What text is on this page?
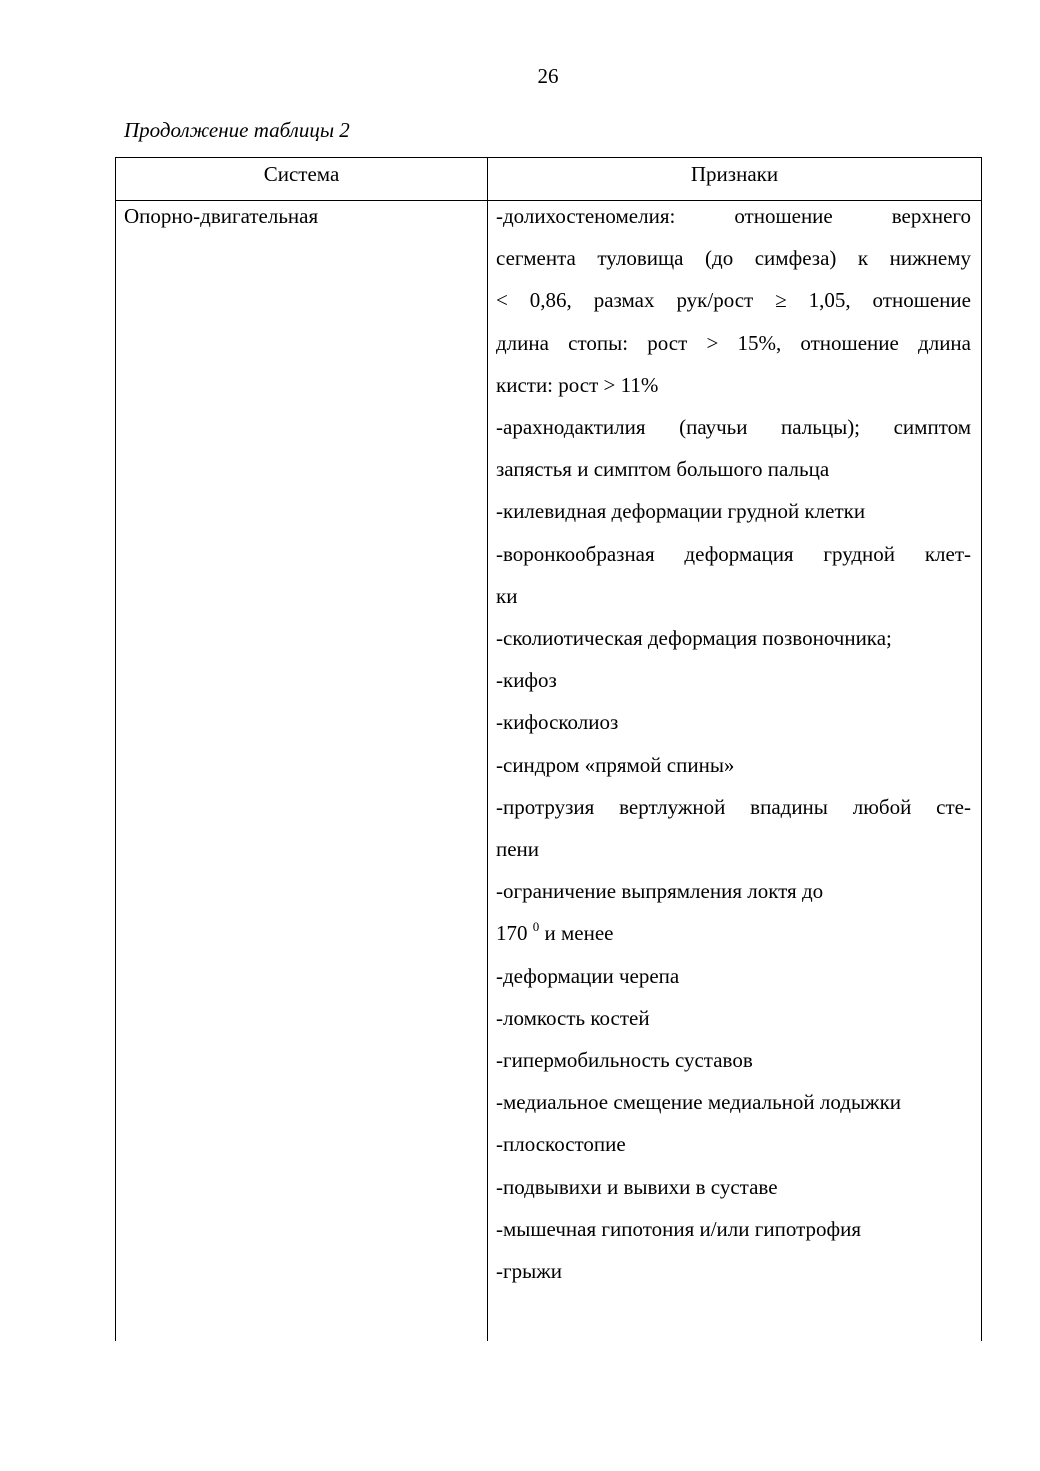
26
Продолжение таблицы 2
Система	Признаки
Опорно-двигательная	-долихостеномелия: отношение верхнего
сегмента туловища (до симфеза) к нижнему
< 0,86, размах рук/рост ≥ 1,05, отношение
длина стопы: рост > 15%, отношение длина
кисти: рост > 11%
-арахнодактилия (паучьи пальцы); симптом
запястья и симптом большого пальца
-килевидная деформации грудной клетки
-воронкообразная деформация грудной клет-
ки
-сколиотическая деформация позвоночника;
-кифоз
-кифосколиоз
-синдром «прямой спины»
-протрузия вертлужной впадины любой сте-
пени
-ограничение выпрямления локтя до
170 $^0$ и менее
-деформации черепа
-ломкость костей
-гипермобильность суставов
-медиальное смещение медиальной лодыжки
-плоскостопие
-подвывихи и вывихи в суставе
-мышечная гипотония и/или гипотрофия
-грыжи
